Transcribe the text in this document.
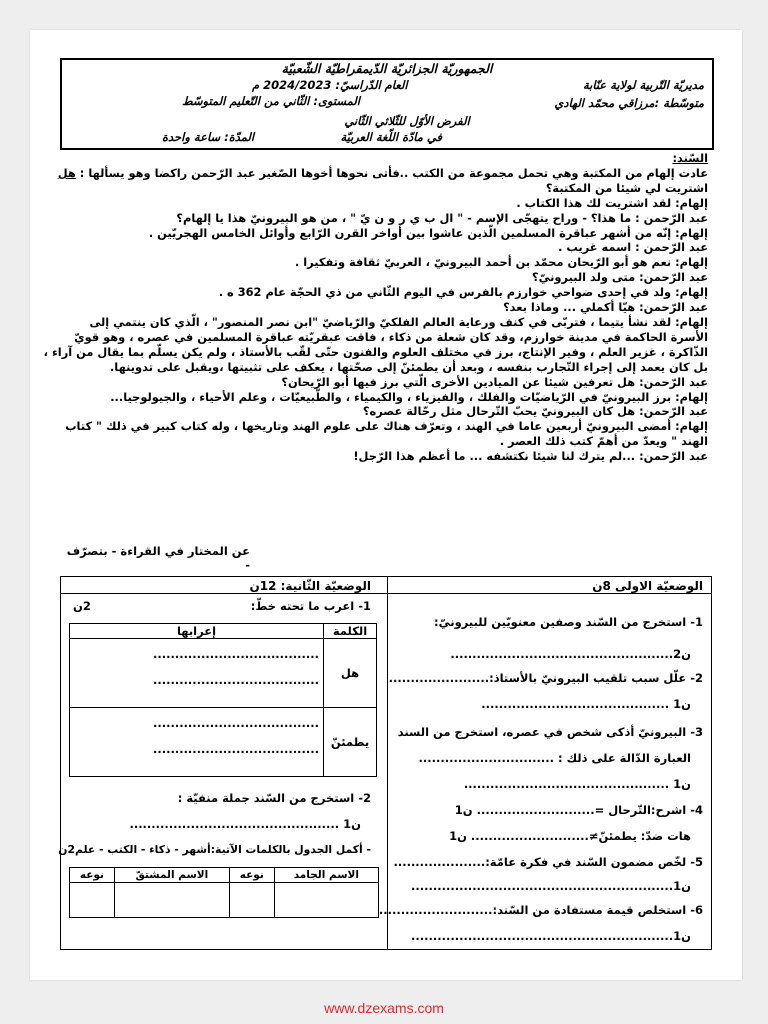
الجمهوريّة الجزائريّة الدّيمقراطيّة الشّعبيّة
مديريّة التّربية لولاية عنّابة
متوسّطة :مرزاقي محمّد الهادي
العام الدّراسيّ: 2024/2023 م
المستوى: الثّاني من التّعليم المتوسّط
الفرض الأوّل للثّلاثي الثّاني
في مادّة اللّغة العربيّة
المدّة: ساعة واحدة

السّند:

عادت إلهام من المكتبة وهي تحمل مجموعة من الكتب ..فأتى نحوها أخوها الصّغير عبد الرّحمن راكضا وهو يسألها : هل

اشتريت لي شيئا من المكتبة؟

إلهام: لقد اشتريت لك هذا الكتاب .

عبد الرّحمن : ما هذا؟ - وراح يتهجّى الإسم - " ال ب ي ر و ن يّ " ، من هو البيرونيّ هذا يا إلهام؟

إلهام: إنّه من أشهر عباقرة المسلمين الّذين عاشوا بين أواخر القرن الرّابع وأوائل الخامس الهجريّين .

عبد الرّحمن : اسمه غريب .

إلهام: نعم هو أبو الرّيحان محمّد بن أحمد البيرونيّ ، العربيّ ثقافة وتفكيرا .

عبد الرّحمن: متى ولد البيرونيّ؟

إلهام: ولد في إحدى ضواحي خوارزم بالفرس في اليوم الثّاني من ذي الحجّة عام 362 ه .

عبد الرّحمن: هيّا أكملي ... وماذا بعد؟

إلهام: لقد نشأ يتيما ، فتربّى في كنف ورعاية العالم الفلكيّ والرّياضيّ "ابن نصر المنصور" ، الّذي كان ينتمي إلى

الأسرة الحاكمة في مدينة خوارزم، وقد كان شعلة من ذكاء ، فاقت عبقريّته عباقرة المسلمين في عصره ، وهو قويّ

الذّاكرة ، غزير العلم ، وفير الإنتاج، برز في مختلف العلوم والفنون حتّى لقّب بالأستاذ ، ولم يكن يسلّم بما يقال من آراء ،

بل كان يعمد إلى إجراء التّجارب بنفسه ، وبعد أن يطمئنّ إلى صحّتها ، يعكف على تثبيتها ،ويقبل على تدوينها.

عبد الرّحمن: هل تعرفين شيئا عن الميادين الأخرى الّتي برز فيها أبو الرّيحان؟

إلهام: برز البيرونيّ في الرّياضيّات والفلك ، والفيزياء ، والكيمياء ، والطّبيعيّات ، وعلم الأحياء ، والجيولوجيا...

عبد الرّحمن: هل كان البيرونيّ يحبّ التّرحال مثل رحّالة عصره؟

إلهام: أمضى البيرونيّ أربعين عاما في الهند ، وتعرّف هناك على علوم الهند وتاريخها ، وله كتاب كبير في ذلك " كتاب

الهند " ويعدّ من أهمّ كتب ذلك العصر .

عبد الرّحمن: ...لم يترك لنا شيئا نكتشفه ... ما أعظم هذا الرّجل!

عن المختار في القراءة - بتصرّف -
الوضعيّة الاولى 8ن
1- استخرج من السّند وصفين معنويّين للبيرونيّ:
ن2...................................................
2- علّل سبب تلقيب البيرونيّ بالأستاذ:.......................
ن1 ...........................................
3- البيرونيّ أذكى شخص في عصره، استخرج من السند
العبارة الدّالة على ذلك : ...............................
ن1 ...............................................
4- اشرح:التّرحال =........................... ن1
هات ضدّ: يطمئنّ≠........................... ن1
5- لخّص مضمون السّند في فكرة عامّة:.....................
ن1............................................................
6- استخلص قيمة مستفادة من السّند:..........................
ن1............................................................
الوضعيّة الثّانية: 12ن
1- اعرب ما تحته خطّ:
2ن
الكلمة	إعرابها
هل	......................................
......................................

يطمئنّ	......................................
......................................
2- استخرج من السّند جملة منفيّة :
ن1 ................................................
- أكمل الجدول بالكلمات الآتية:أشهر - ذكاء - الكتب - علم2ن
الاسم الجامد	نوعه	الاسم المشتقّ	نوعه

www.dzexams.com
